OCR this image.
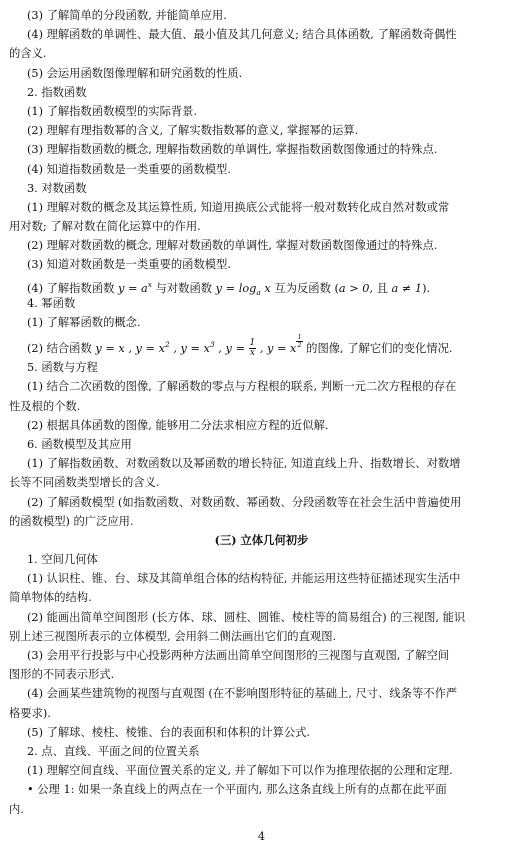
(3) 了解简单的分段函数, 并能简单应用.
(4) 理解函数的单调性、最大值、最小值及其几何意义; 结合具体函数, 了解函数奇偶性
的含义.
(5) 会运用函数图像理解和研究函数的性质.
2. 指数函数
(1) 了解指数函数模型的实际背景.
(2) 理解有理指数幂的含义, 了解实数指数幂的意义, 掌握幂的运算.
(3) 理解指数函数的概念, 理解指数函数的单调性, 掌握指数函数图像通过的特殊点.
(4) 知道指数函数是一类重要的函数模型.
3. 对数函数
(1) 理解对数的概念及其运算性质, 知道用换底公式能将一般对数转化成自然对数或常
用对数; 了解对数在简化运算中的作用.
(2) 理解对数函数的概念, 理解对数函数的单调性, 掌握对数函数图像通过的特殊点.
(3) 知道对数函数是一类重要的函数模型.
(4) 了解指数函数 $y = a^x$ 与对数函数 $y = \log_a x$ 互为反函数 (a > 0, 且 a ≠ 1).
4. 幂函数
(1) 了解幂函数的概念.
(2) 结合函数 y = x , $y = x^2$ , $y = x^3$ , $y = \frac{1}{x}$ , y = x
$\frac{1}{2}$
的图像, 了解它们的变化情况.
5. 函数与方程
(1) 结合二次函数的图像, 了解函数的零点与方程根的联系, 判断一元二次方程根的存在
性及根的个数.
(2) 根据具体函数的图像, 能够用二分法求相应方程的近似解.
6. 函数模型及其应用
(1) 了解指数函数、对数函数以及幂函数的增长特征, 知道直线上升、指数增长、对数增
长等不同函数类型增长的含义.
(2) 了解函数模型 (如指数函数、对数函数、幂函数、分段函数等在社会生活中普遍使用
的函数模型) 的广泛应用.
(三) 立体几何初步
1. 空间几何体
(1) 认识柱、锥、台、球及其简单组合体的结构特征, 并能运用这些特征描述现实生活中
简单物体的结构.
(2) 能画出简单空间图形 (长方体、球、圆柱、圆锥、棱柱等的简易组合) 的三视图, 能识
别上述三视图所表示的立体模型, 会用斜二侧法画出它们的直观图.
(3) 会用平行投影与中心投影两种方法画出简单空间图形的三视图与直观图, 了解空间
图形的不同表示形式.
(4) 会画某些建筑物的视图与直观图 (在不影响图形特征的基础上, 尺寸、线条等不作严
格要求).
(5) 了解球、棱柱、棱锥、台的表面积和体积的计算公式.
2. 点、直线、平面之间的位置关系
(1) 理解空间直线、平面位置关系的定义, 并了解如下可以作为推理依据的公理和定理.
• 公理 1: 如果一条直线上的两点在一个平面内, 那么这条直线上所有的点都在此平面
内.
4
